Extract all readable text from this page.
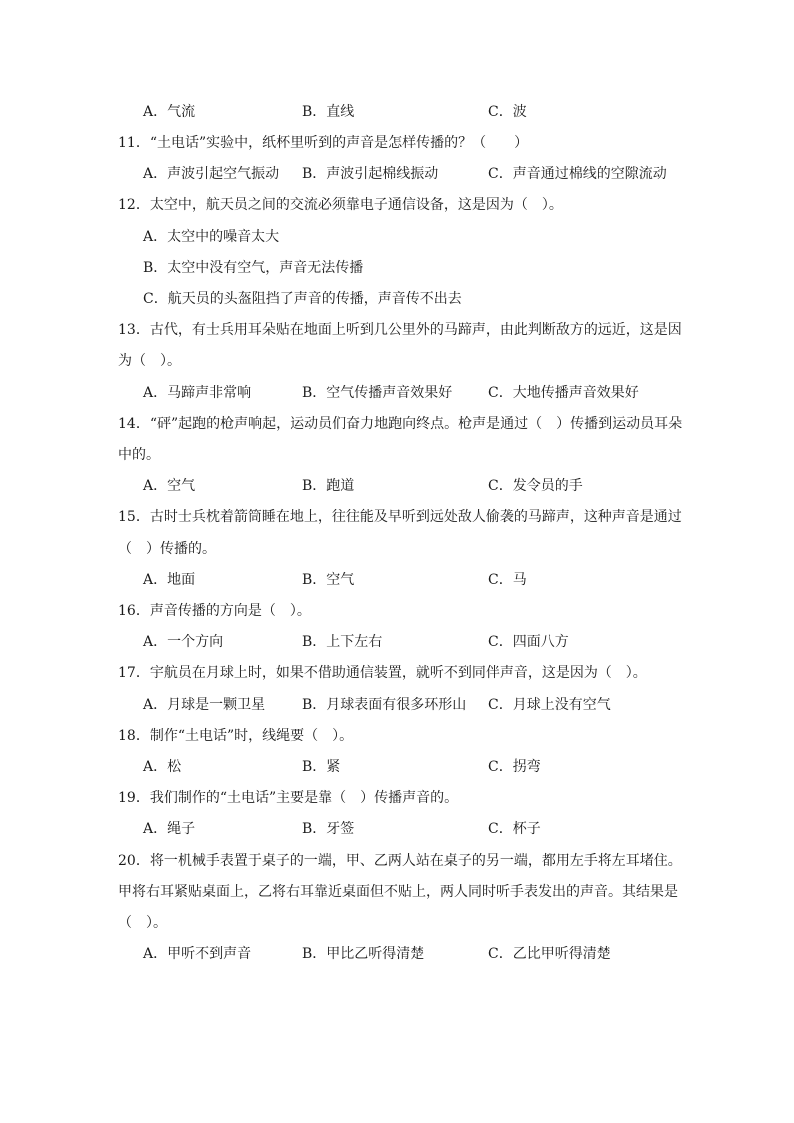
A．气流	B．直线	C．波
11．“土电话”实验中，纸杯里听到的声音是怎样传播的？（　　）
A．声波引起空气振动 B．声波引起棉线振动	C．声音通过棉线的空隙流动
12．太空中，航天员之间的交流必须靠电子通信设备，这是因为（　）。
A．太空中的噪音太大
B．太空中没有空气，声音无法传播
C．航天员的头盔阻挡了声音的传播，声音传不出去
13．古代，有士兵用耳朵贴在地面上听到几公里外的马蹄声，由此判断敌方的远近，这是因
为（　）。
A．马蹄声非常响	B．空气传播声音效果好	C．大地传播声音效果好
14．“砰”起跑的枪声响起，运动员们奋力地跑向终点。枪声是通过（　）传播到运动员耳朵
中的。
A．空气	B．跑道	C．发令员的手
15．古时士兵枕着箭筒睡在地上，往往能及早听到远处敌人偷袭的马蹄声，这种声音是通过
（　）传播的。
A．地面	B．空气	C．马
16．声音传播的方向是（　）。
A．一个方向	B．上下左右	C．四面八方
17．宇航员在月球上时，如果不借助通信装置，就听不到同伴声音，这是因为（　）。
A．月球是一颗卫星	B．月球表面有很多环形山 C．月球上没有空气
18．制作“土电话”时，线绳要（　）。
A．松	B．紧	C．拐弯
19．我们制作的“土电话”主要是靠（　）传播声音的。
A．绳子	B．牙签	C．杯子
20．将一机械手表置于桌子的一端，甲、乙两人站在桌子的另一端，都用左手将左耳堵住。
甲将右耳紧贴桌面上，乙将右耳靠近桌面但不贴上，两人同时听手表发出的声音。其结果是
（　）。
A．甲听不到声音	B．甲比乙听得清楚	C．乙比甲听得清楚
